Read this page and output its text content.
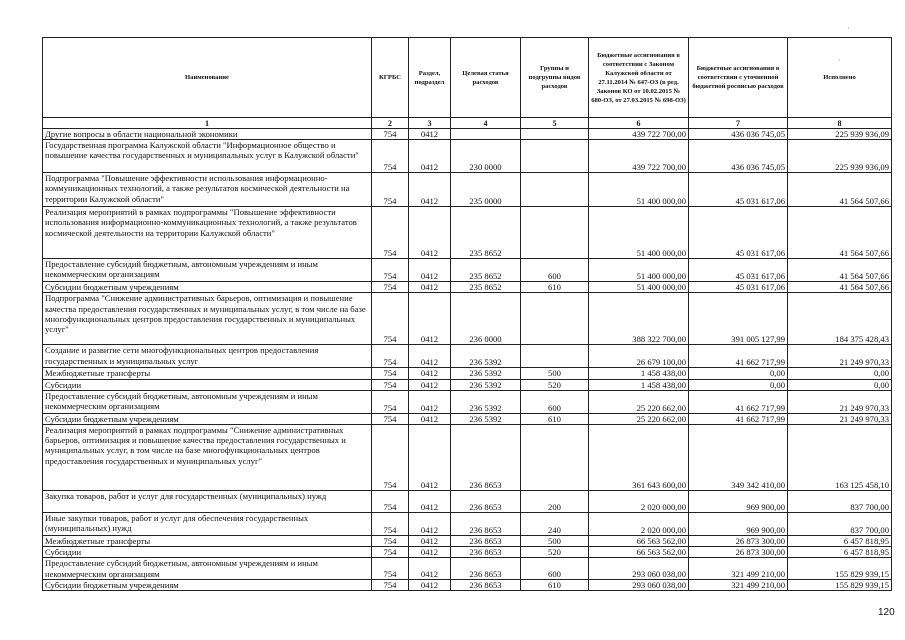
Наименование	КГРБС	Раздел, подраздел	Целевая статья расходов	Группы и подгруппы видов расходов	Бюджетные ассигнования в соответствии с Законом Калужской области от 27.11.2014 № 647-ОЗ (в ред. Законов КО от 10.02.2015 № 680-ОЗ, от 27.03.2015 № 698-ОЗ)	Бюджетные ассигнования в соответствии с уточненной бюджетной росписью расходов	Исполнено
1	2	3	4	5	6	7	8
Другие вопросы в области национальной экономики	754	0412			439 722 700,00	436 036 745,05	225 939 936,09
Государственная программа Калужской области "Информационное общество и повышение качества государственных и муниципальных услуг в Калужской области"	754	0412	230 0000		439 722 700,00	436 036 745,05	225 939 936,09
Подпрограмма "Повышение эффективности использования информационно-коммуникационных технологий, а также результатов космической деятельности на территории Калужской области"	754	0412	235 0000		51 400 000,00	45 031 617,06	41 564 507,66
Реализация мероприятий в рамках подпрограммы "Повышение эффективности использования информационно-коммуникационных технологий, а также результатов космической деятельности на территории Калужской области"	754	0412	235 8652		51 400 000,00	45 031 617,06	41 564 507,66
Предоставление субсидий бюджетным, автономным учреждениям и иным некоммерческим организациям	754	0412	235 8652	600	51 400 000,00	45 031 617,06	41 564 507,66
Субсидии бюджетным учреждениям	754	0412	235 8652	610	51 400 000,00	45 031 617,06	41 564 507,66
Подпрограмма "Снижение административных барьеров, оптимизация и повышение качества предоставления государственных и муниципальных услуг, в том числе на базе многофункциональных центров предоставления государственных и муниципальных услуг"	754	0412	236 0000		388 322 700,00	391 005 127,99	184 375 428,43
Создание и развитие сети многофункциональных центров предоставления государственных и муниципальных услуг	754	0412	236 5392		26 679 100,00	41 662 717,99	21 249 970,33
Межбюджетные трансферты	754	0412	236 5392	500	1 458 438,00	0,00	0,00
Субсидии	754	0412	236 5392	520	1 458 438,00	0,00	0,00
Предоставление субсидий бюджетным, автономным учреждениям и иным некоммерческим организациям	754	0412	236 5392	600	25 220 662,00	41 662 717,99	21 249 970,33
Субсидии бюджетным учреждениям	754	0412	236 5392	610	25 220 662,00	41 662 717,99	21 249 970,33
Реализация мероприятий в рамках подпрограммы "Снижение административных барьеров, оптимизация и повышение качества предоставления государственных и муниципальных услуг, в том числе на базе многофункциональных центров предоставления государственных и муниципальных услуг"	754	0412	236 8653		361 643 600,00	349 342 410,00	163 125 458,10
Закупка товаров, работ и услуг для государственных (муниципальных) нужд	754	0412	236 8653	200	2 020 000,00	969 900,00	837 700,00
Иные закупки товаров, работ и услуг для обеспечения государственных (муниципальных) нужд	754	0412	236 8653	240	2 020 000,00	969 900,00	837 700,00
Межбюджетные трансферты	754	0412	236 8653	500	66 563 562,00	26 873 300,00	6 457 818,95
Субсидии	754	0412	236 8653	520	66 563 562,00	26 873 300,00	6 457 818,95
Предоставление субсидий бюджетным, автономным учреждениям и иным некоммерческим организациям	754	0412	236 8653	600	293 060 038,00	321 499 210,00	155 829 939,15
Субсидии бюджетным учреждениям	754	0412	236 8653	610	293 060 038,00	321 499 210,00	155 829 939,15
120
·
·
